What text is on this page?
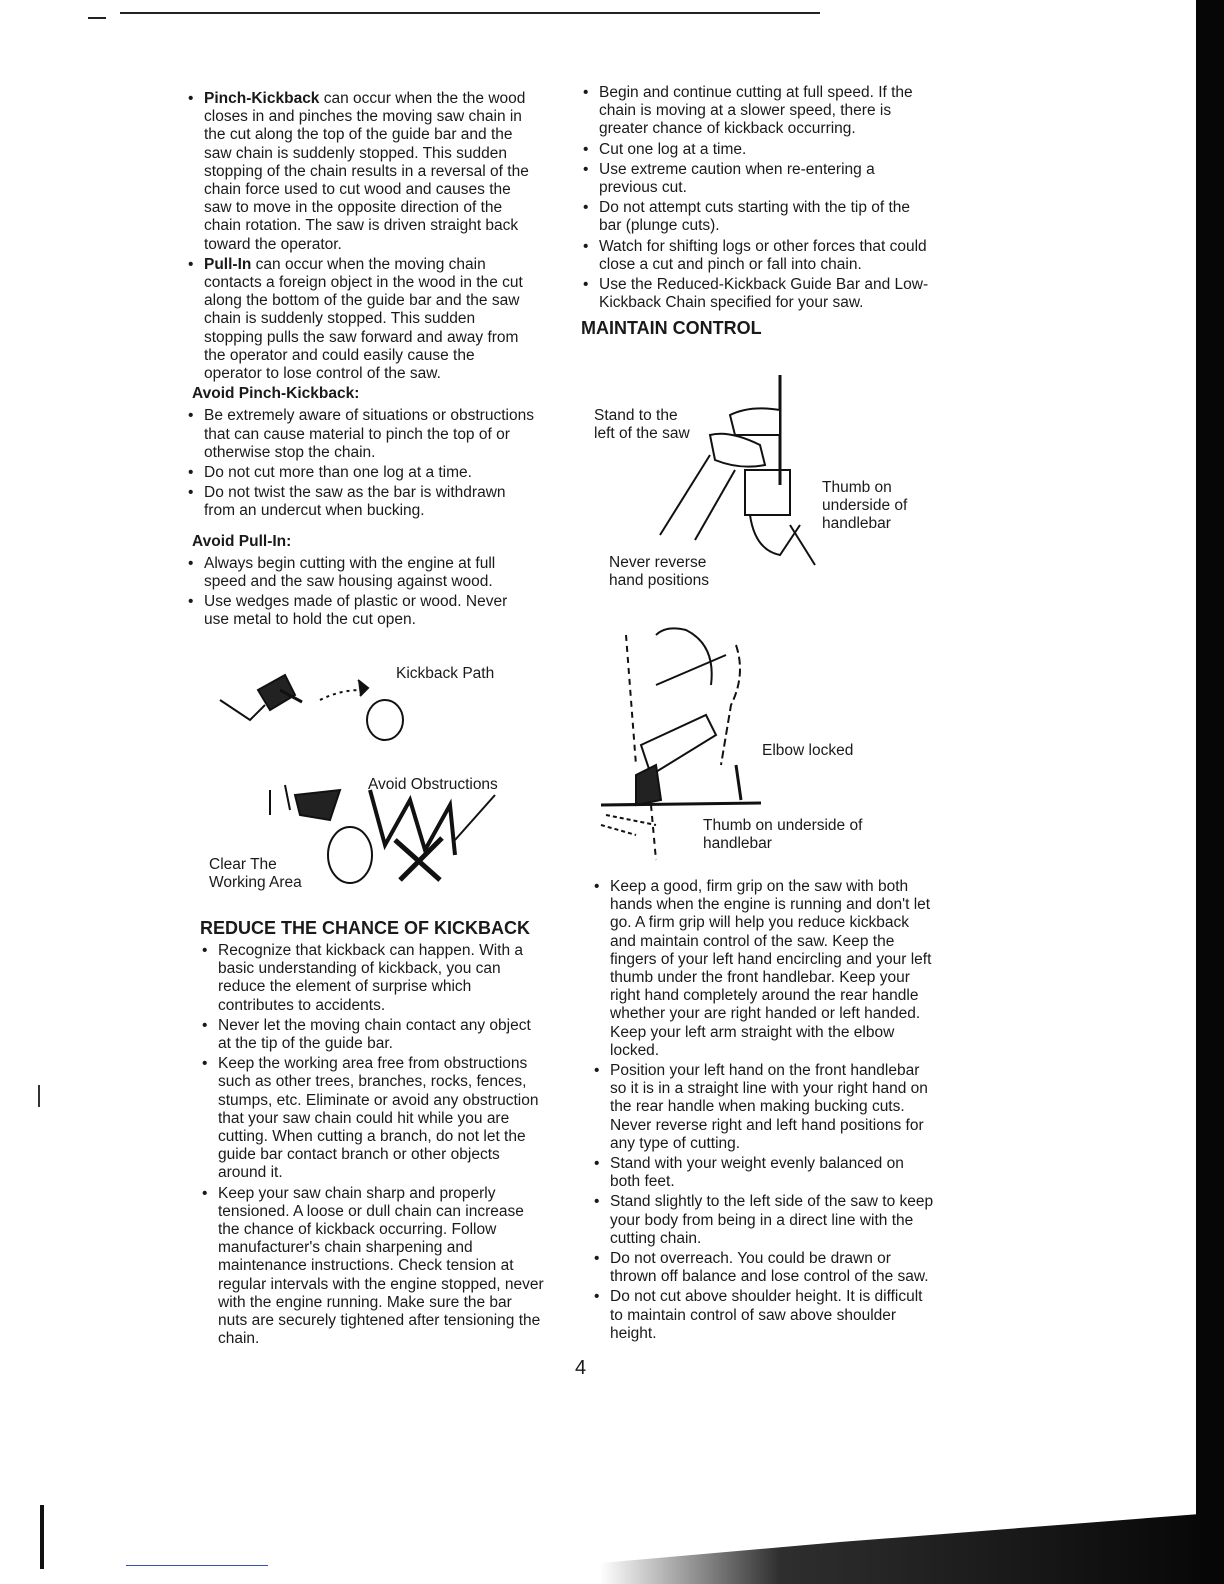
• Pinch-Kickback can occur when the the wood closes in and pinches the moving saw chain in the cut along the top of the guide bar and the saw chain is suddenly stopped. This sudden stopping of the chain results in a reversal of the chain force used to cut wood and causes the saw to move in the opposite direction of the chain rotation. The saw is driven straight back toward the operator.
• Pull-In can occur when the moving chain contacts a foreign object in the wood in the cut along the bottom of the guide bar and the saw chain is suddenly stopped. This sudden stopping pulls the saw forward and away from the operator and could easily cause the operator to lose control of the saw.
Avoid Pinch-Kickback:
• Be extremely aware of situations or obstructions that can cause material to pinch the top of or otherwise stop the chain.
• Do not cut more than one log at a time.
• Do not twist the saw as the bar is withdrawn from an undercut when bucking.
Avoid Pull-In:
• Always begin cutting with the engine at full speed and the saw housing against wood.
• Use wedges made of plastic or wood. Never use metal to hold the cut open.
Kickback Path
Avoid Obstructions
Clear The
Working Area
REDUCE THE CHANCE OF KICKBACK
• Recognize that kickback can happen. With a basic understanding of kickback, you can reduce the element of surprise which contributes to accidents.
• Never let the moving chain contact any object at the tip of the guide bar.
• Keep the working area free from obstructions such as other trees, branches, rocks, fences, stumps, etc. Eliminate or avoid any obstruction that your saw chain could hit while you are cutting. When cutting a branch, do not let the guide bar contact branch or other objects around it.
• Keep your saw chain sharp and properly tensioned. A loose or dull chain can increase the chance of kickback occurring. Follow manufacturer's chain sharpening and maintenance instructions. Check tension at regular intervals with the engine stopped, never with the engine running. Make sure the bar nuts are securely tightened after tensioning the chain.
• Begin and continue cutting at full speed. If the chain is moving at a slower speed, there is greater chance of kickback occurring.
• Cut one log at a time.
• Use extreme caution when re-entering a previous cut.
• Do not attempt cuts starting with the tip of the bar (plunge cuts).
• Watch for shifting logs or other forces that could close a cut and pinch or fall into chain.
• Use the Reduced-Kickback Guide Bar and Low-Kickback Chain specified for your saw.
MAINTAIN CONTROL
Stand to the
left of the saw
Thumb on
underside of
handlebar
Never reverse
hand positions
Elbow locked
Thumb on underside of
handlebar
• Keep a good, firm grip on the saw with both hands when the engine is running and don't let go. A firm grip will help you reduce kickback and maintain control of the saw. Keep the fingers of your left hand encircling and your left thumb under the front handlebar. Keep your right hand completely around the rear handle whether your are right handed or left handed. Keep your left arm straight with the elbow locked.
• Position your left hand on the front handlebar so it is in a straight line with your right hand on the rear handle when making bucking cuts. Never reverse right and left hand positions for any type of cutting.
• Stand with your weight evenly balanced on both feet.
• Stand slightly to the left side of the saw to keep your body from being in a direct line with the cutting chain.
• Do not overreach. You could be drawn or thrown off balance and lose control of the saw.
• Do not cut above shoulder height. It is difficult to maintain control of saw above shoulder height.
4
